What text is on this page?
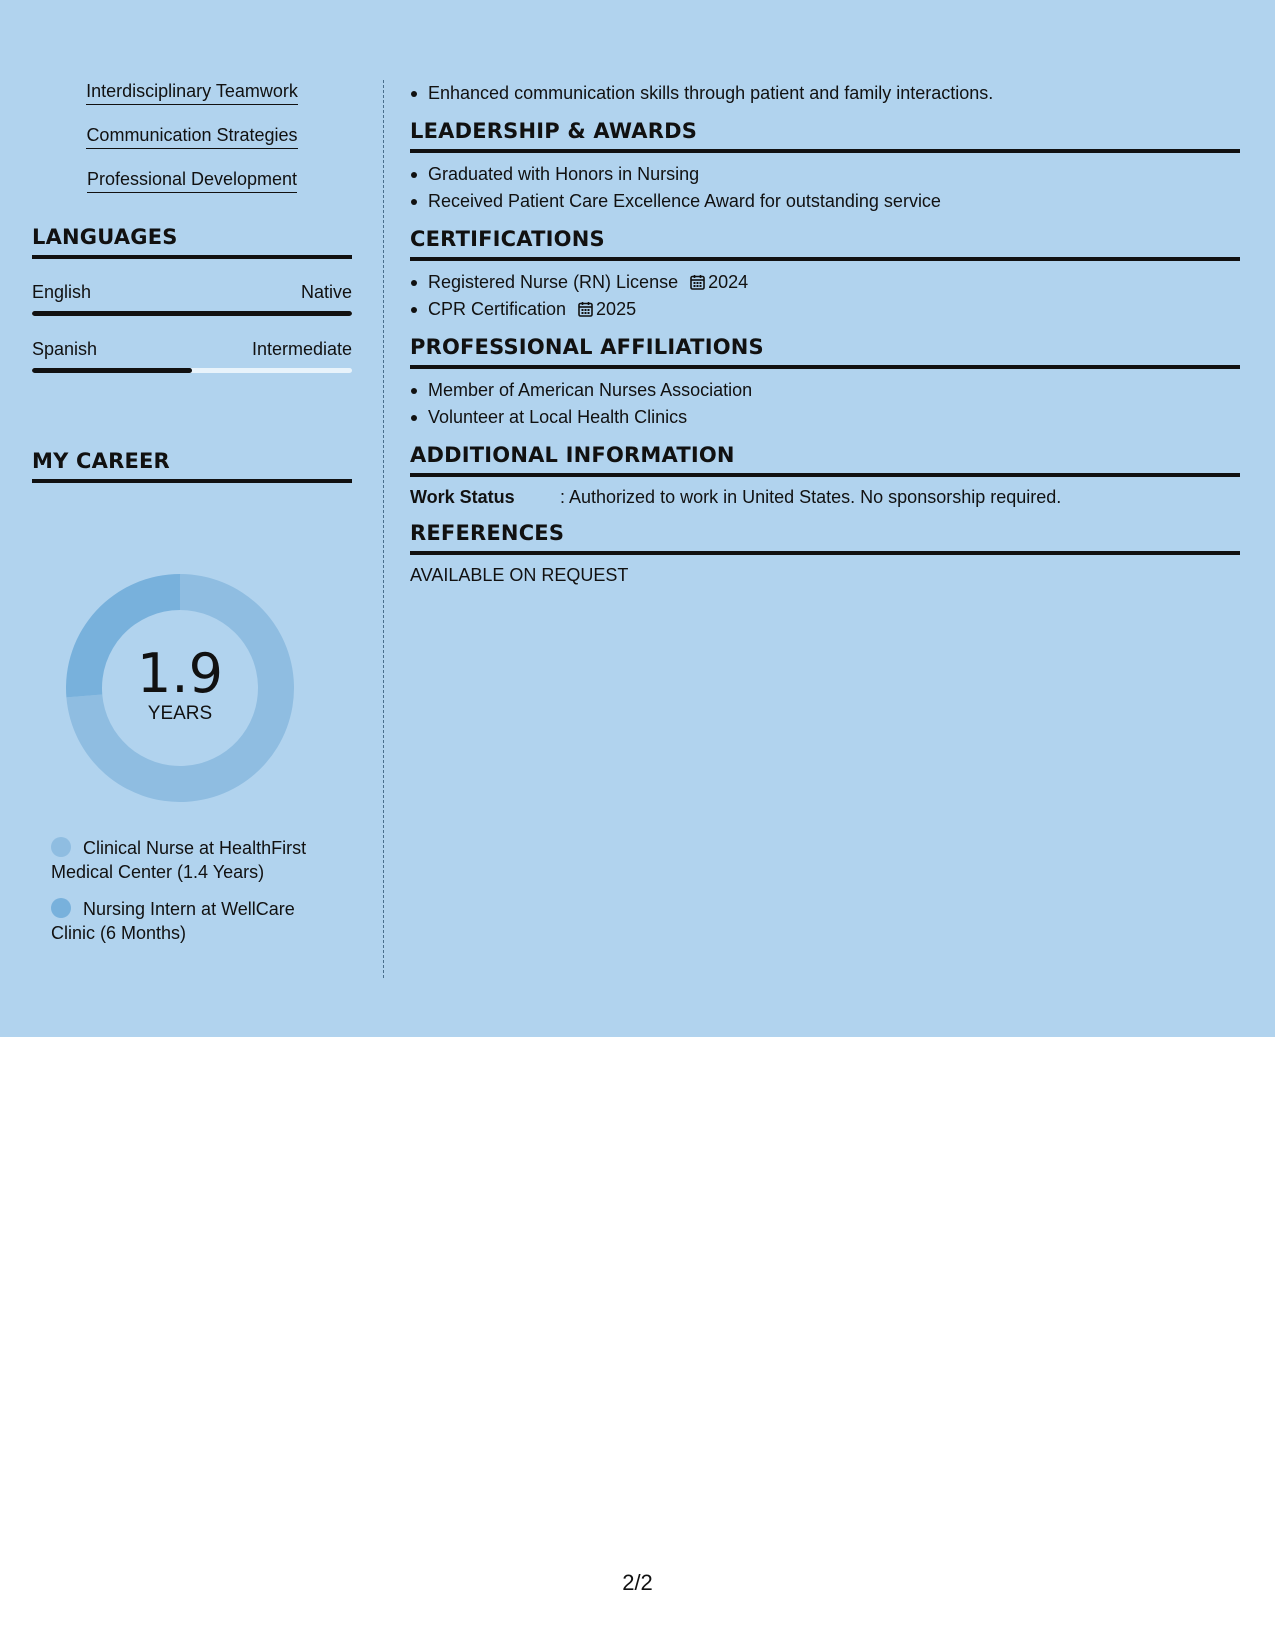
Interdisciplinary Teamwork
Communication Strategies
Professional Development
LANGUAGES
English	Native
Spanish	Intermediate
MY CAREER
1.9
YEARS
Clinical Nurse at HealthFirst Medical Center (1.4 Years)
Nursing Intern at WellCare Clinic (6 Months)
Enhanced communication skills through patient and family interactions.
LEADERSHIP & AWARDS
Graduated with Honors in Nursing
Received Patient Care Excellence Award for outstanding service
CERTIFICATIONS
Registered Nurse (RN) License 2024
CPR Certification 2025
PROFESSIONAL AFFILIATIONS
Member of American Nurses Association
Volunteer at Local Health Clinics
ADDITIONAL INFORMATION
Work Status	: Authorized to work in United States. No sponsorship required.
REFERENCES
AVAILABLE ON REQUEST
2/2
